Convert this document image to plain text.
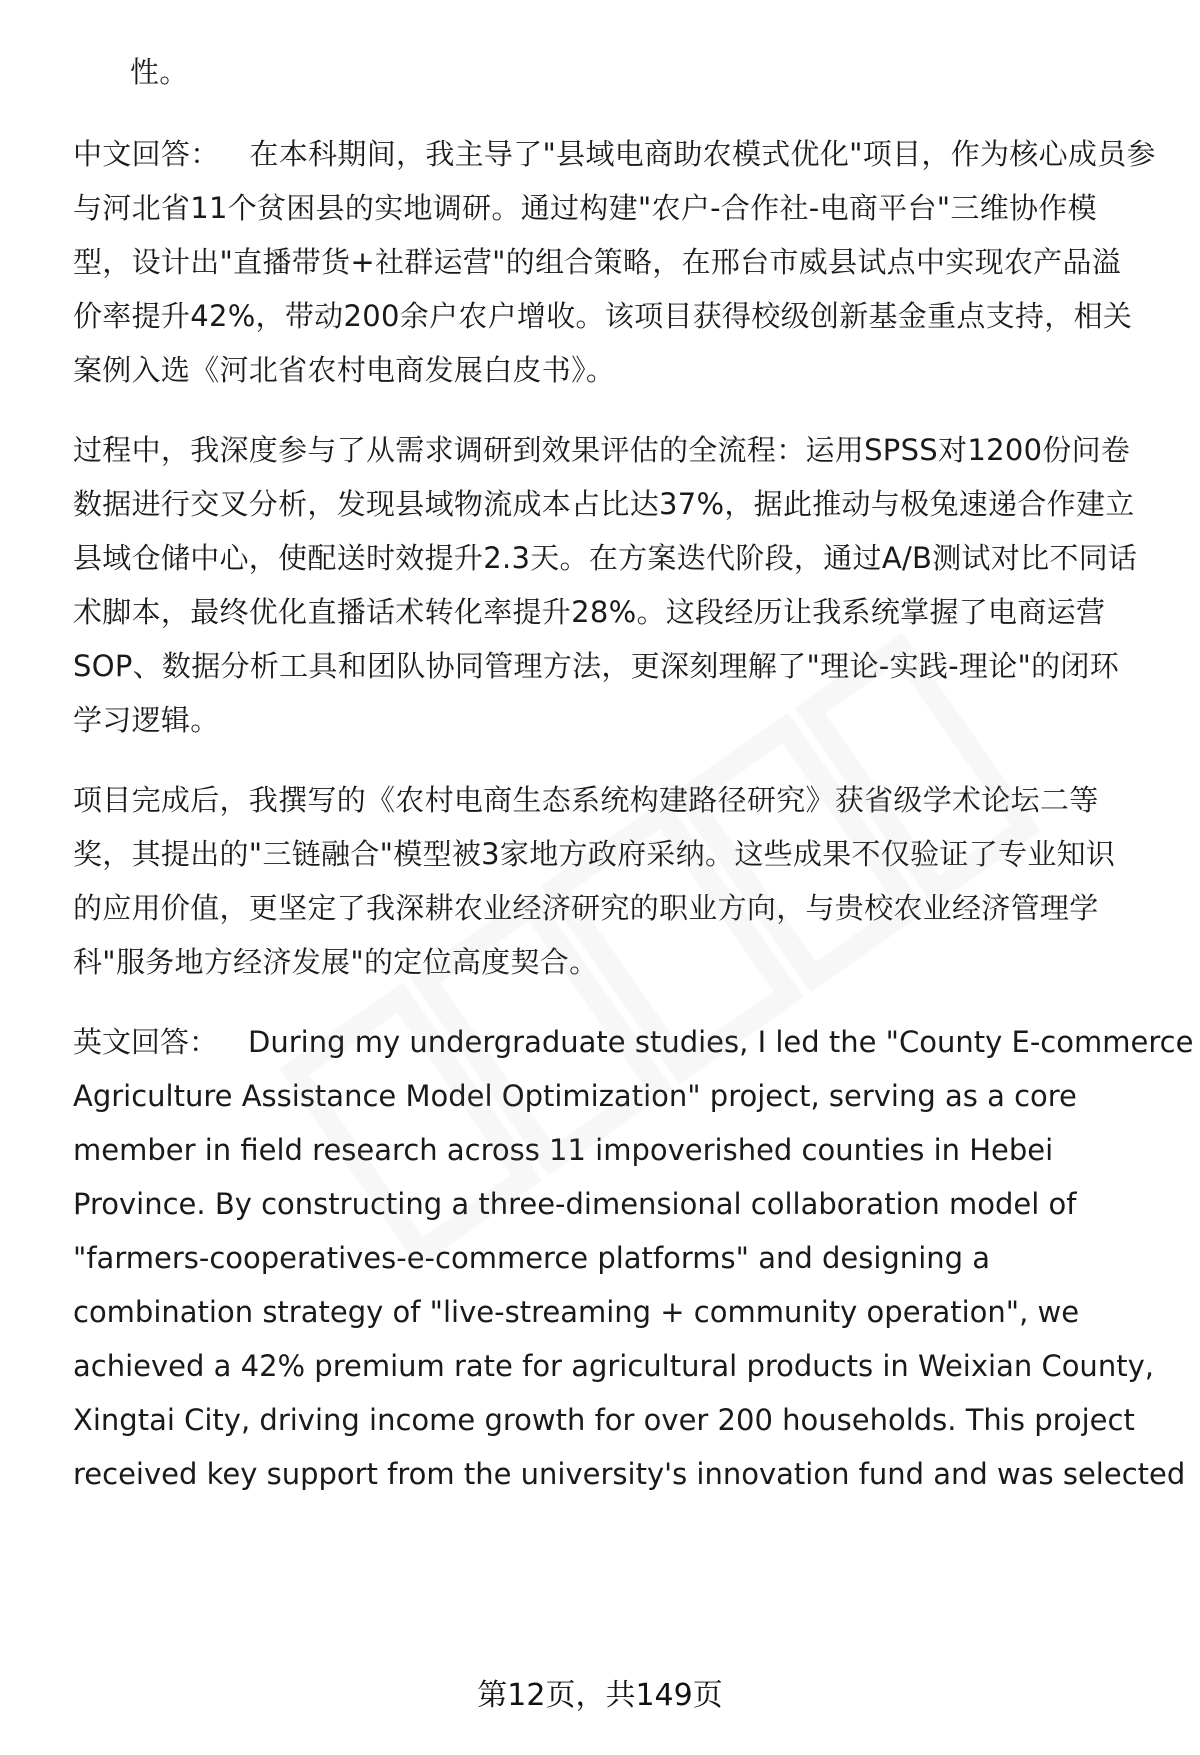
性。
中文回答： 在本科期间，我主导了"县域电商助农模式优化"项目，作为核心成员参
与河北省11个贫困县的实地调研。通过构建"农户-合作社-电商平台"三维协作模
型，设计出"直播带货+社群运营"的组合策略，在邢台市威县试点中实现农产品溢
价率提升42%，带动200余户农户增收。该项目获得校级创新基金重点支持，相关
案例入选《河北省农村电商发展白皮书》。
过程中，我深度参与了从需求调研到效果评估的全流程：运用SPSS对1200份问卷
数据进行交叉分析，发现县域物流成本占比达37%，据此推动与极兔速递合作建立
县域仓储中心，使配送时效提升2.3天。在方案迭代阶段，通过A/B测试对比不同话
术脚本，最终优化直播话术转化率提升28%。这段经历让我系统掌握了电商运营
SOP、数据分析工具和团队协同管理方法，更深刻理解了"理论-实践-理论"的闭环
学习逻辑。
项目完成后，我撰写的《农村电商生态系统构建路径研究》获省级学术论坛二等
奖，其提出的"三链融合"模型被3家地方政府采纳。这些成果不仅验证了专业知识
的应用价值，更坚定了我深耕农业经济研究的职业方向，与贵校农业经济管理学
科"服务地方经济发展"的定位高度契合。
英文回答： During my undergraduate studies, I led the "County E-commerce
Agriculture Assistance Model Optimization" project, serving as a core
member in field research across 11 impoverished counties in Hebei
Province. By constructing a three-dimensional collaboration model of
"farmers-cooperatives-e-commerce platforms" and designing a
combination strategy of "live-streaming + community operation", we
achieved a 42% premium rate for agricultural products in Weixian County,
Xingtai City, driving income growth for over 200 households. This project
received key support from the university's innovation fund and was selected
第12页，共149页
